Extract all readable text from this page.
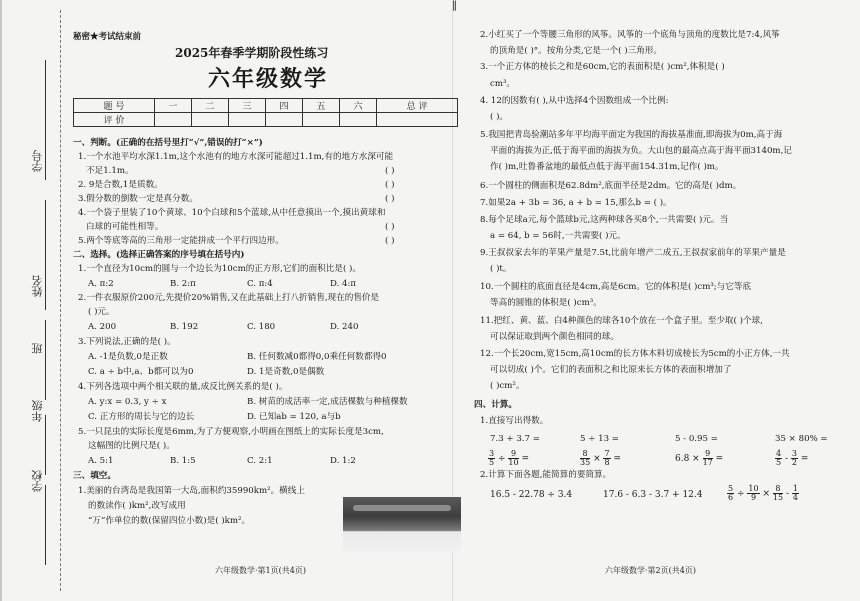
‖
学号
姓名
班
年级
学校
秘密★考试结束前
2025年春季学期阶段性练习
六年级数学
题 号	一	二	三	四	五	六	总 评
评 价							
一、判断。(正确的在括号里打“√”,错误的打“×”)
1.一个水池平均水深1.1m,这个水池有的地方水深可能超过1.1m,有的地方水深可能
不足1.1m。	( )
2. 9是合数,1是质数。	( )
3.假分数的倒数一定是真分数。	( )
4.一个袋子里装了10个黄球、10个白球和5个蓝球,从中任意摸出一个,摸出黄球和
白球的可能性相等。	( )
5.两个等底等高的三角形一定能拼成一个平行四边形。	( )
二、选择。(选择正确答案的序号填在括号内)
1.一个直径为10cm的圆与一个边长为10cm的正方形,它们的面积比是( )。
A. π:2	B. 2:π	C. π:4	D. 4:π
2.一件衣服原价200元,先提价20%销售,又在此基础上打八折销售,现在的售价是
( )元。
A. 200	B. 192	C. 180	D. 240
3.下列说法,正确的是( )。
A. -1是负数,0是正数	B. 任何数减0都得0,0乘任何数都得0
C. a ÷ b中,a、b都可以为0	D. 1是奇数,0是偶数
4.下列各选项中两个相关联的量,成反比例关系的是( )。
A. y:x = 0.3, y ÷ x	B. 树苗的成活率一定,成活棵数与种植棵数
C. 正方形的周长与它的边长	D. 已知ab = 120, a与b
5.一只昆虫的实际长度是6mm,为了方便观察,小明画在图纸上的实际长度是3cm,
这幅图的比例尺是( )。
A. 5:1	B. 1:5	C. 2:1	D. 1:2
三、填空。
1.美丽的台湾岛是我国第一大岛,面积约35990km²。横线上
的数读作( )km²,改写成用
“万”作单位的数(保留四位小数)是( )km²。
六年级数学·第1页(共4页)
2.小红买了一个等腰三角形的风筝。风筝的一个底角与顶角的度数比是7:4,风筝
的顶角是( )°。按角分类,它是一个( )三角形。
3.一个正方体的棱长之和是60cm,它的表面积是( )cm²,体积是( )
cm³。
4. 12的因数有( ),从中选择4个因数组成一个比例:
( )。
5.我国把青岛验潮站多年平均海平面定为我国的海拔基准面,即海拔为0m,高于海
平面的海拔为正,低于海平面的海拔为负。大山包的最高点高于海平面3140m,记
作( )m,吐鲁番盆地的最低点低于海平面154.31m,记作( )m。
6.一个圆柱的侧面积是62.8dm²,底面半径是2dm。它的高是( )dm。
7.如果2a + 3b = 36, a + b = 15,那么b = ( )。
8.每个足球a元,每个篮球b元,这两种球各买8个,一共需要( )元。当
a = 64, b = 56时,一共需要( )元。
9.王叔叔家去年的苹果产量是7.5t,比前年增产二成五,王叔叔家前年的苹果产量是
( )t。
10.一个圆柱的底面直径是4cm,高是6cm。它的体积是( )cm³;与它等底
等高的圆锥的体积是( )cm³。
11.把红、黄、蓝、白4种颜色的球各10个放在一个盒子里。至少取( )个球,
可以保证取到两个颜色相同的球。
12.一个长20cm,宽15cm,高10cm的长方体木料切成棱长为5cm的小正方体,一共
可以切成( )个。它们的表面积之和比原来长方体的表面积增加了
( )cm²。
四、计算。
1.直接写出得数。
7.3 + 3.7 =	5 ÷ 13 =	5 - 0.95 =	35 × 80% =
$\frac{3}{5} \div \frac{9}{10}$ =	$\frac{8}{35} \times \frac{7}{8}$ =	$6.8 \times \frac{9}{17}$ =	$\frac{4}{5} - \frac{3}{2}$ =
2.计算下面各题,能简算的要简算。
16.5 - 22.78 ÷ 3.4	17.6 - 6.3 - 3.7 + 12.4	$\frac{5}{6} \div \frac{10}{9} \times \frac{8}{15} - \frac{1}{4}$
六年级数学·第2页(共4页)
